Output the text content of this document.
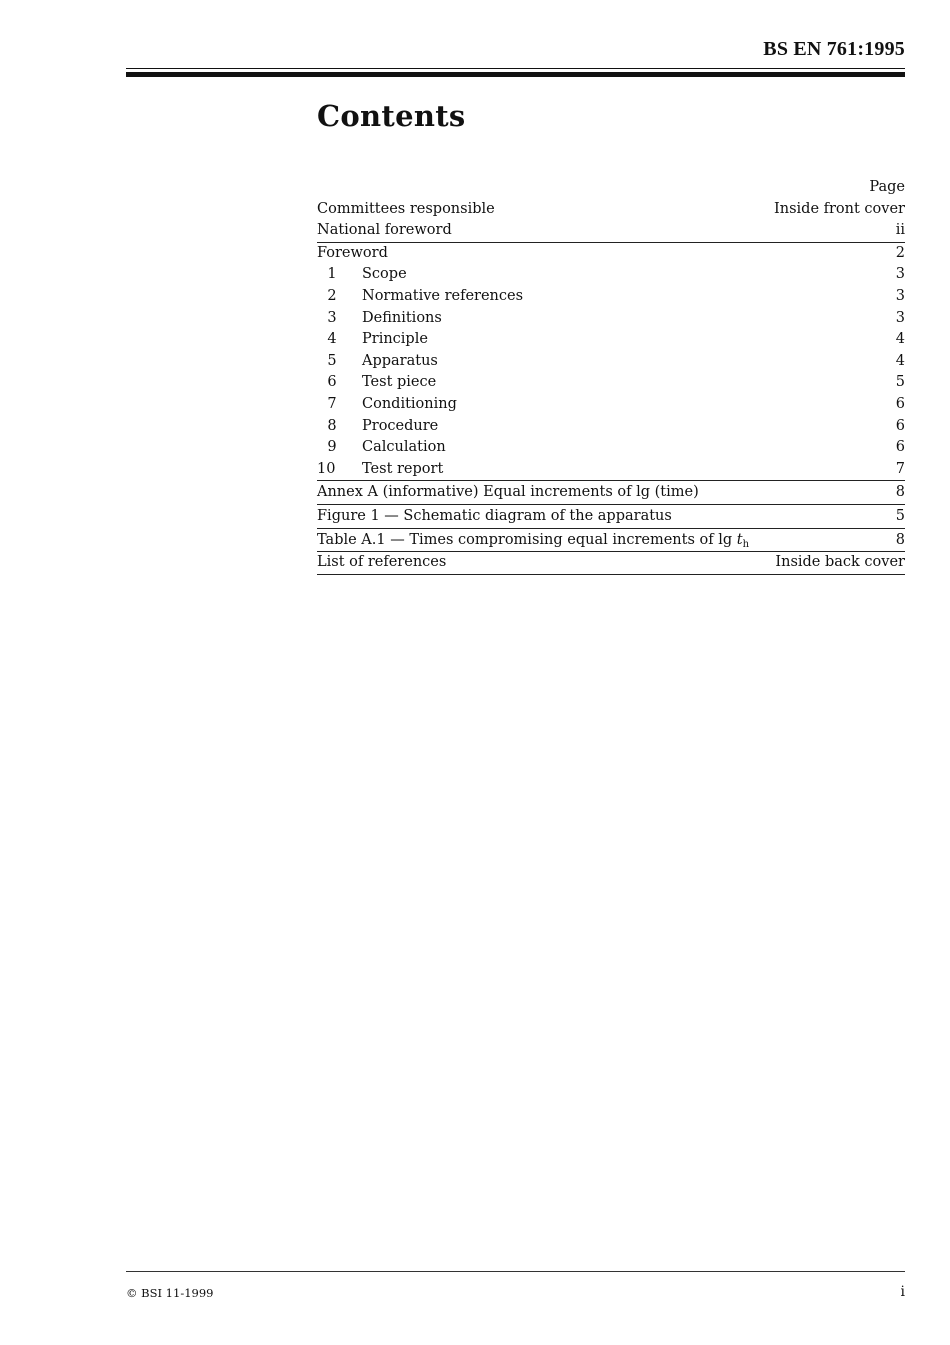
BS EN 761:1995
Contents
Page
Committees responsible	Inside front cover
National foreword	ii
Foreword	2
1	Scope	3
2	Normative references	3
3	Definitions	3
4	Principle	4
5	Apparatus	4
6	Test piece	5
7	Conditioning	6
8	Procedure	6
9	Calculation	6
10	Test report	7
Annex A (informative) Equal increments of lg (time)	8
Figure 1 — Schematic diagram of the apparatus	5
Table A.1 — Times compromising equal increments of $\lg t_h$	8
List of references	Inside back cover
© BSI 11-1999	i
